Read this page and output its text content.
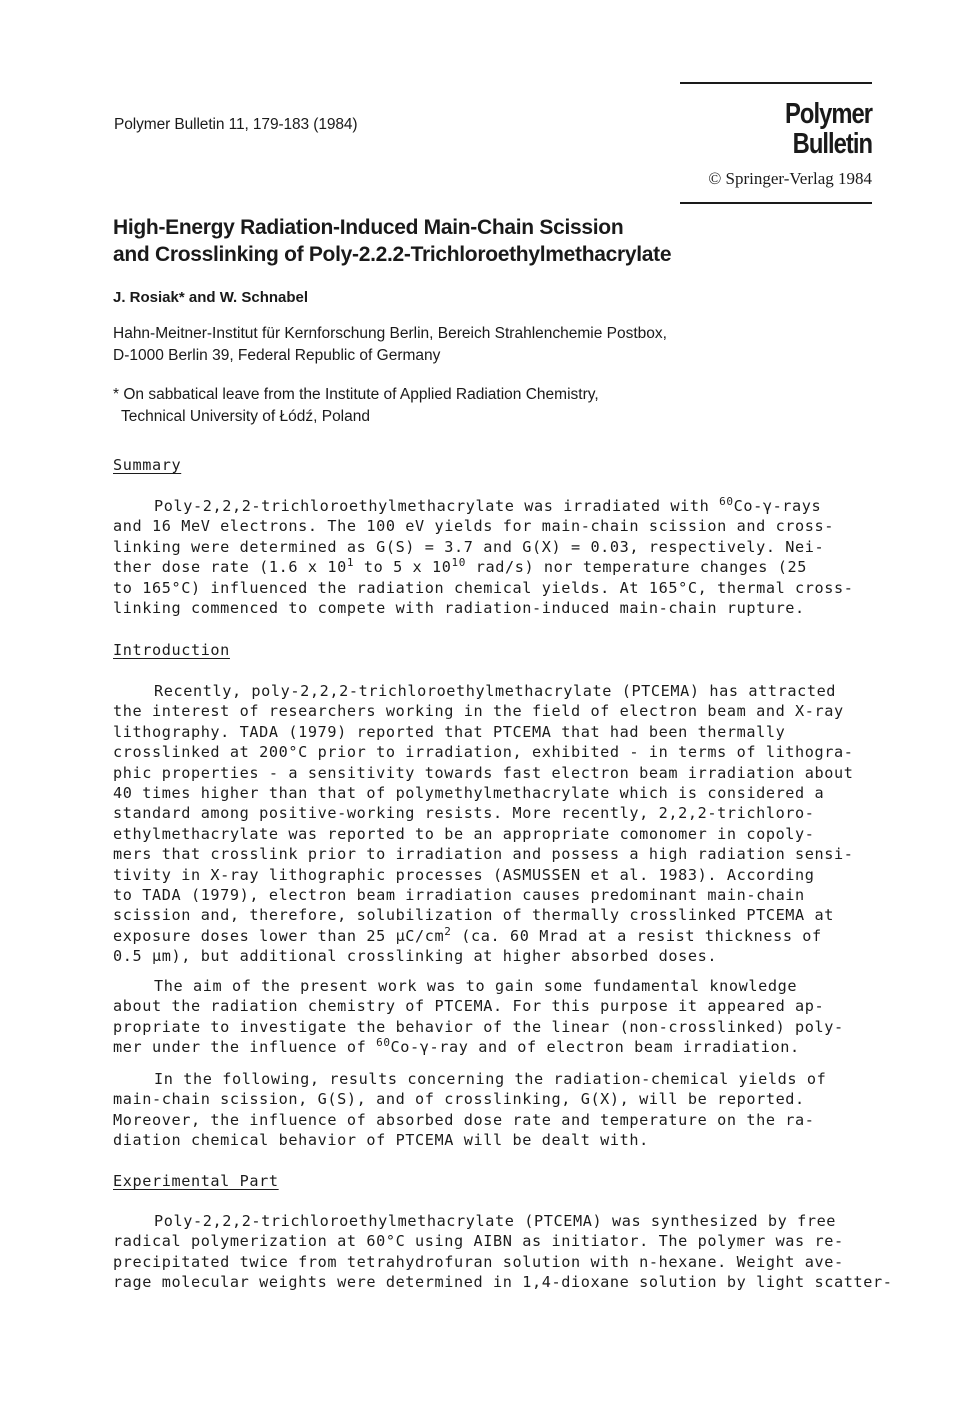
Polymer Bulletin 11, 179-183 (1984)	Polymer Bulletin
© Springer-Verlag 1984
High-Energy Radiation-Induced Main-Chain Scission
and Crosslinking of Poly-2.2.2-Trichloroethylmethacrylate
J. Rosiak* and W. Schnabel
Hahn-Meitner-Institut für Kernforschung Berlin, Bereich Strahlenchemie Postbox,
D-1000 Berlin 39, Federal Republic of Germany
* On sabbatical leave from the Institute of Applied Radiation Chemistry,
Technical University of Łódź, Poland
Summary
Poly-2,2,2-trichloroethylmethacrylate was irradiated with $^{60}$Co-γ-rays
and 16 MeV electrons. The 100 eV yields for main-chain scission and cross-
linking were determined as G(S) = 3.7 and G(X) = 0.03, respectively. Nei-
ther dose rate (1.6 x $10^1$ to 5 x $10^{10}$ rad/s) nor temperature changes (25
to 165°C) influenced the radiation chemical yields. At 165°C, thermal cross-
linking commenced to compete with radiation-induced main-chain rupture.
Introduction
Recently, poly-2,2,2-trichloroethylmethacrylate (PTCEMA) has attracted
the interest of researchers working in the field of electron beam and X-ray
lithography. TADA (1979) reported that PTCEMA that had been thermally
crosslinked at 200°C prior to irradiation, exhibited - in terms of lithogra-
phic properties - a sensitivity towards fast electron beam irradiation about
40 times higher than that of polymethylmethacrylate which is considered a
standard among positive-working resists. More recently, 2,2,2-trichloro-
ethylmethacrylate was reported to be an appropriate comonomer in copoly-
mers that crosslink prior to irradiation and possess a high radiation sensi-
tivity in X-ray lithographic processes (ASMUSSEN et al. 1983). According
to TADA (1979), electron beam irradiation causes predominant main-chain
scission and, therefore, solubilization of thermally crosslinked PTCEMA at
exposure doses lower than 25 $\mu C/cm^2$ (ca. 60 Mrad at a resist thickness of
0.5 μm), but additional crosslinking at higher absorbed doses.
The aim of the present work was to gain some fundamental knowledge
about the radiation chemistry of PTCEMA. For this purpose it appeared ap-
propriate to investigate the behavior of the linear (non-crosslinked) poly-
mer under the influence of $^{60}$Co-γ-ray and of electron beam irradiation.
In the following, results concerning the radiation-chemical yields of
main-chain scission, G(S), and of crosslinking, G(X), will be reported.
Moreover, the influence of absorbed dose rate and temperature on the ra-
diation chemical behavior of PTCEMA will be dealt with.
Experimental Part
Poly-2,2,2-trichloroethylmethacrylate (PTCEMA) was synthesized by free
radical polymerization at 60°C using AIBN as initiator. The polymer was re-
precipitated twice from tetrahydrofuran solution with n-hexane. Weight ave-
rage molecular weights were determined in 1,4-dioxane solution by light scatter-
